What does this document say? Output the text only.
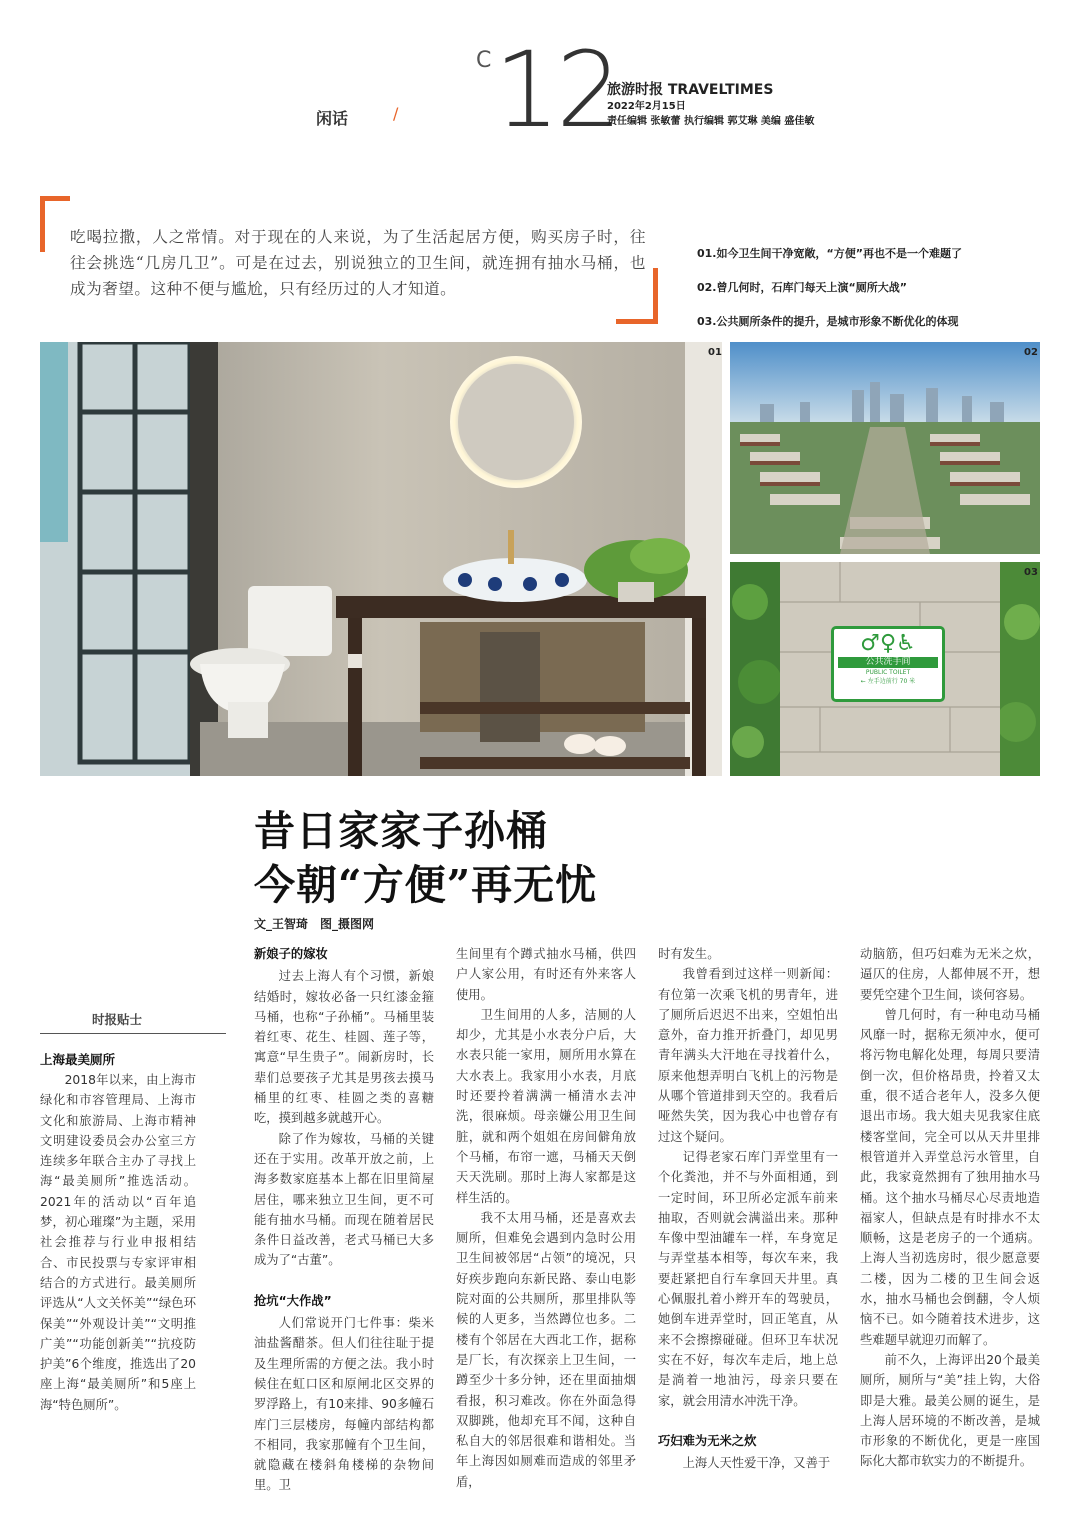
C 12
旅游时报 TRAVELTIMES
2022年2月15日
责任编辑 张敏蕾 执行编辑 郭艾琳 美编 盛佳敏
闲话	/
吃喝拉撒，人之常情。对于现在的人来说，为了生活起居方便，购买房子时，往往会挑选“几房几卫”。可是在过去，别说独立的卫生间，就连拥有抽水马桶，也成为奢望。这种不便与尴尬，只有经历过的人才知道。
01.如今卫生间干净宽敞，“方便”再也不是一个难题了
02.曾几何时，石库门每天上演“厕所大战”
03.公共厕所条件的提升，是城市形象不断优化的体现
01	02
♂♀♿
公共洗手间
PUBLIC TOILET
← 左手边前行 70 米
03
昔日家家子孙桶
今朝“方便”再无忧
文_王智琦　图_摄图网
时报贴士
上海最美厕所

2018年以来，由上海市绿化和市容管理局、上海市文化和旅游局、上海市精神文明建设委员会办公室三方连续多年联合主办了寻找上海“最美厕所”推选活动。2021年的活动以“百年追梦，初心璀璨”为主题，采用社会推荐与行业申报相结合、市民投票与专家评审相结合的方式进行。最美厕所评选从“人文关怀美”“绿色环保美”“外观设计美”“文明推广美”“功能创新美”“抗疫防护美”6个维度，推选出了20座上海“最美厕所”和5座上海“特色厕所”。

新娘子的嫁妆

过去上海人有个习惯，新娘结婚时，嫁妆必备一只红漆金箍马桶，也称“子孙桶”。马桶里装着红枣、花生、桂圆、莲子等，寓意“早生贵子”。闹新房时，长辈们总要孩子尤其是男孩去摸马桶里的红枣、桂圆之类的喜糖吃，摸到越多就越开心。

除了作为嫁妆，马桶的关键还在于实用。改革开放之前，上海多数家庭基本上都在旧里简屋居住，哪来独立卫生间，更不可能有抽水马桶。而现在随着居民条件日益改善，老式马桶已大多成为了“古董”。

抢坑“大作战”

人们常说开门七件事：柴米油盐酱醋茶。但人们往往耻于提及生理所需的方便之法。我小时候住在虹口区和原闸北区交界的罗浮路上，有10来排、90多幢石库门三层楼房，每幢内部结构都不相同，我家那幢有个卫生间，就隐藏在楼斜角楼梯的杂物间里。卫

生间里有个蹲式抽水马桶，供四户人家公用，有时还有外来客人使用。

卫生间用的人多，洁厕的人却少，尤其是小水表分户后，大水表只能一家用，厕所用水算在大水表上。我家用小水表，月底时还要拎着满满一桶清水去冲洗，很麻烦。母亲嫌公用卫生间脏，就和两个姐姐在房间僻角放个马桶，布帘一遮，马桶天天倒天天洗刷。那时上海人家都是这样生活的。

我不太用马桶，还是喜欢去厕所，但难免会遇到内急时公用卫生间被邻居“占领”的境况，只好疾步跑向东新民路、泰山电影院对面的公共厕所，那里排队等候的人更多，当然蹲位也多。二楼有个邻居在大西北工作，据称是厂长，有次探亲上卫生间，一蹲至少十多分钟，还在里面抽烟看报，积习难改。你在外面急得双脚跳，他却充耳不闻，这种自私自大的邻居很难和谐相处。当年上海因如厕难而造成的邻里矛盾，

时有发生。

我曾看到过这样一则新闻：有位第一次乘飞机的男青年，进了厕所后迟迟不出来，空姐怕出意外，奋力推开折叠门，却见男青年满头大汗地在寻找着什么，原来他想弄明白飞机上的污物是从哪个管道排到天空的。我看后哑然失笑，因为我心中也曾存有过这个疑问。

记得老家石库门弄堂里有一个化粪池，并不与外面相通，到一定时间，环卫所必定派车前来抽取，否则就会满溢出来。那种车像中型油罐车一样，车身宽足与弄堂基本相等，每次车来，我要赶紧把自行车拿回天井里。真心佩服扎着小辫开车的驾驶员，她倒车进弄堂时，回正笔直，从来不会擦擦碰碰。但环卫车状况实在不好，每次车走后，地上总是淌着一地油污，母亲只要在家，就会用清水冲洗干净。

巧妇难为无米之炊

上海人天性爱干净，又善于

动脑筋，但巧妇难为无米之炊，逼仄的住房，人都伸展不开，想要凭空建个卫生间，谈何容易。

曾几何时，有一种电动马桶风靡一时，据称无须冲水，便可将污物电解化处理，每周只要清倒一次，但价格昂贵，拎着又太重，很不适合老年人，没多久便退出市场。我大姐夫见我家住底楼客堂间，完全可以从天井里排根管道并入弄堂总污水管里，自此，我家竟然拥有了独用抽水马桶。这个抽水马桶尽心尽责地造福家人，但缺点是有时排水不太顺畅，这是老房子的一个通病。上海人当初选房时，很少愿意要二楼，因为二楼的卫生间会返水，抽水马桶也会倒翻，令人烦恼不已。如今随着技术进步，这些难题早就迎刃而解了。

前不久，上海评出20个最美厕所，厕所与“美”挂上钩，大俗即是大雅。最美公厕的诞生，是上海人居环境的不断改善，是城市形象的不断优化，更是一座国际化大都市软实力的不断提升。
